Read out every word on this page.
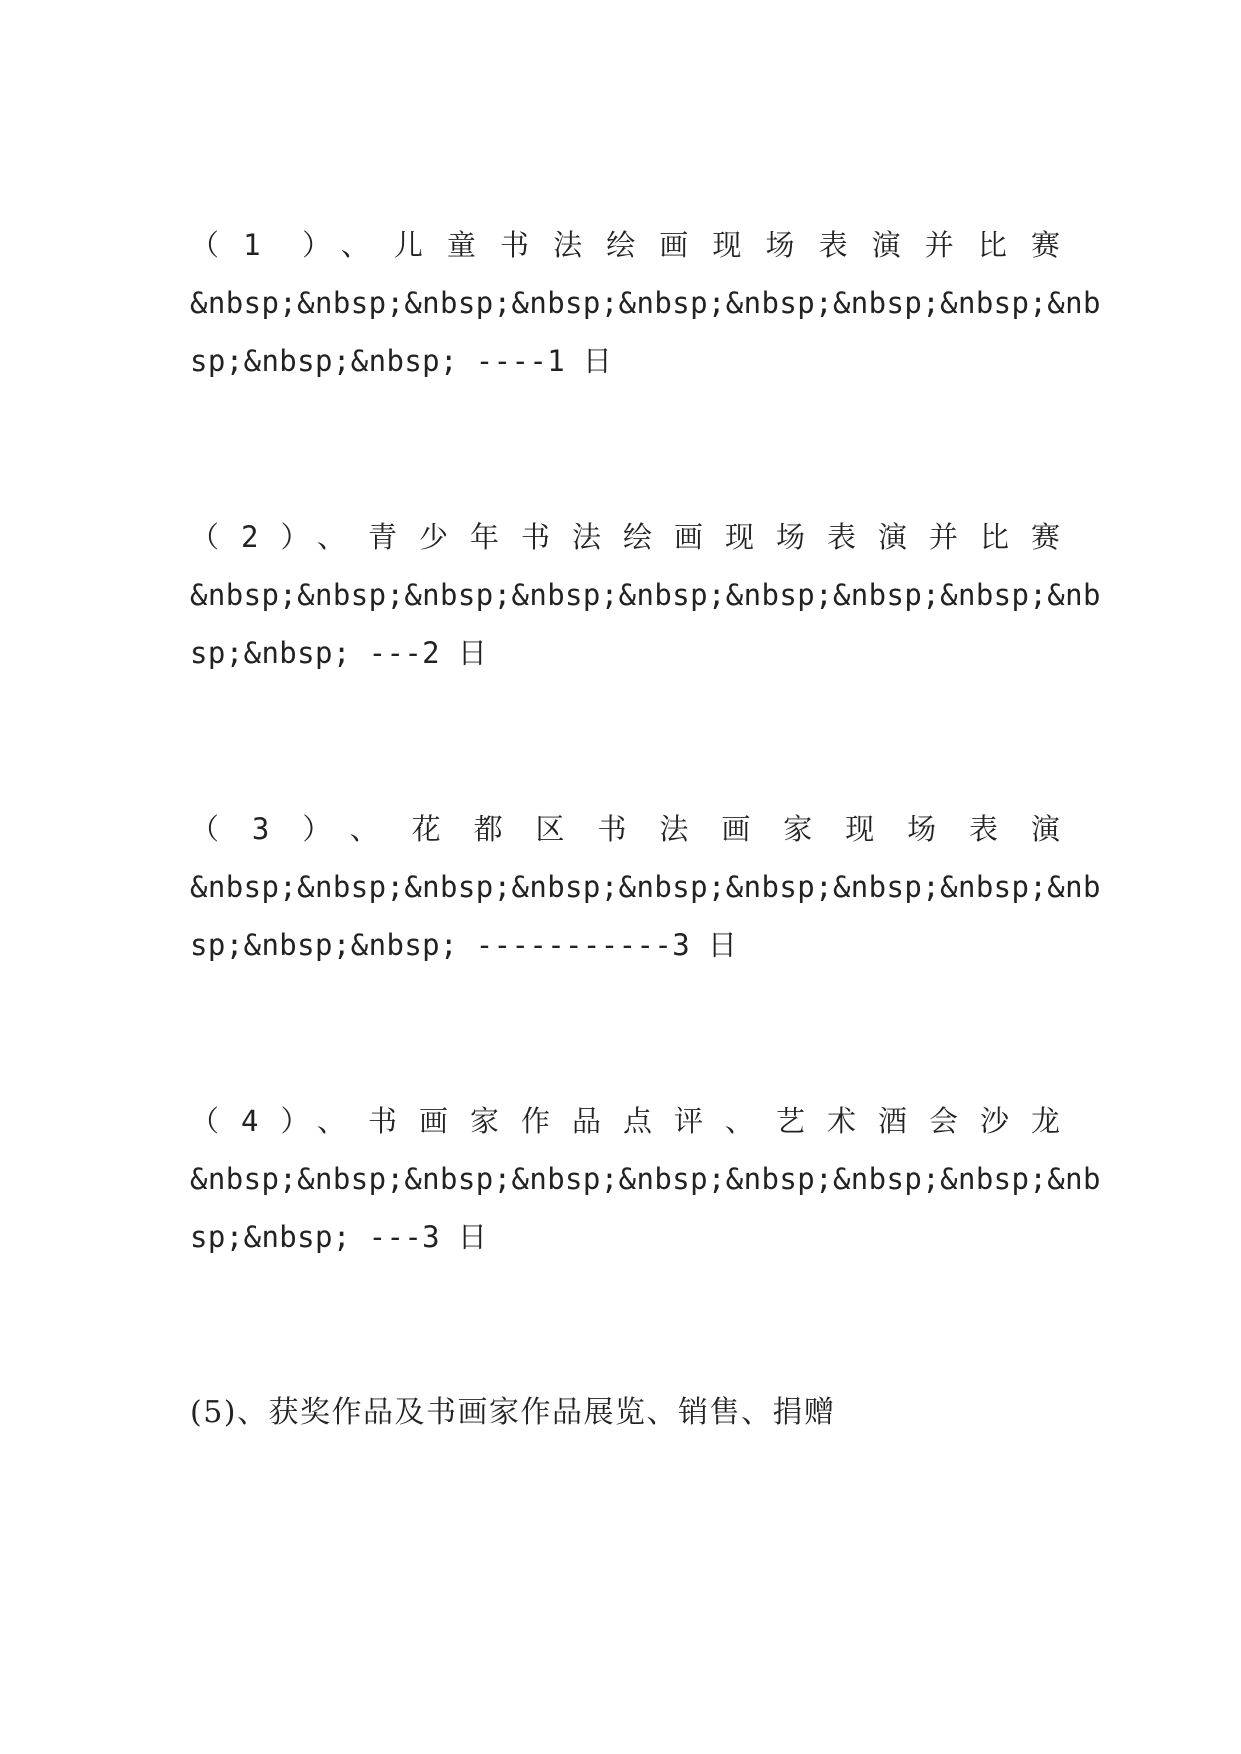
（1 ）、儿童书法绘画现场表演并比赛
&nbsp;&nbsp;&nbsp;&nbsp;&nbsp;&nbsp;&nbsp;&nbsp;&nb
sp;&nbsp;&nbsp; ----1 日
（2）、青少年书法绘画现场表演并比赛
&nbsp;&nbsp;&nbsp;&nbsp;&nbsp;&nbsp;&nbsp;&nbsp;&nb
sp;&nbsp; ---2 日
（3）、花都区书法画家现场表演
&nbsp;&nbsp;&nbsp;&nbsp;&nbsp;&nbsp;&nbsp;&nbsp;&nb
sp;&nbsp;&nbsp; -----------3 日
（4）、书画家作品点评、艺术酒会沙龙
&nbsp;&nbsp;&nbsp;&nbsp;&nbsp;&nbsp;&nbsp;&nbsp;&nb
sp;&nbsp; ---3 日
(5)、获奖作品及书画家作品展览、销售、捐赠
